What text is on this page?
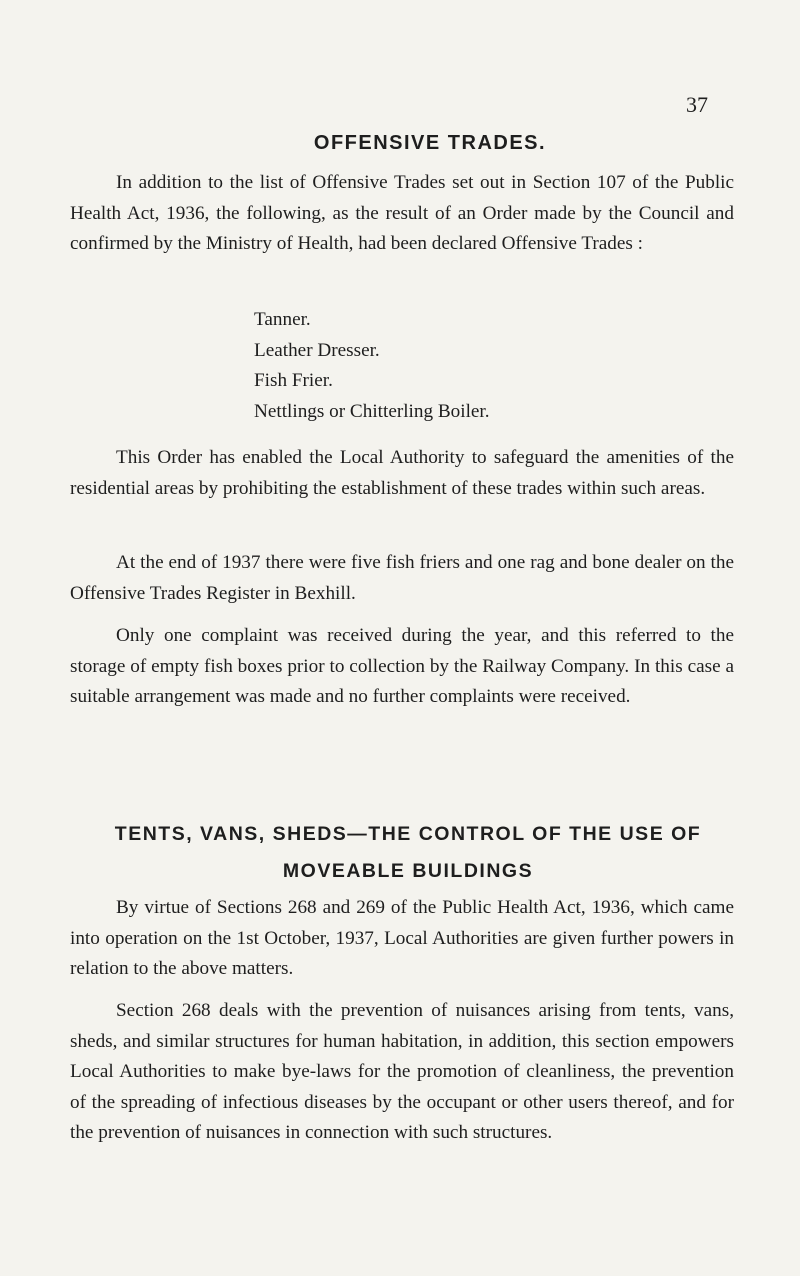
37
OFFENSIVE TRADES.

In addition to the list of Offensive Trades set out in Section 107 of the Public Health Act, 1936, the following, as the result of an Order made by the Council and confirmed by the Ministry of Health, had been declared Offensive Trades :

Tanner.
Leather Dresser.
Fish Frier.
Nettlings or Chitterling Boiler.

This Order has enabled the Local Authority to safeguard the amenities of the residential areas by prohibiting the establishment of these trades within such areas.

At the end of 1937 there were five fish friers and one rag and bone dealer on the Offensive Trades Register in Bexhill.

Only one complaint was received during the year, and this referred to the storage of empty fish boxes prior to collection by the Railway Company. In this case a suitable arrangement was made and no further complaints were received.

TENTS, VANS, SHEDS—THE CONTROL OF THE USE OF
MOVEABLE BUILDINGS

By virtue of Sections 268 and 269 of the Public Health Act, 1936, which came into operation on the 1st October, 1937, Local Authorities are given further powers in relation to the above matters.

Section 268 deals with the prevention of nuisances arising from tents, vans, sheds, and similar structures for human habitation, in addition, this section empowers Local Authorities to make bye-laws for the promotion of cleanliness, the prevention of the spreading of infectious diseases by the occupant or other users thereof, and for the prevention of nuisances in connection with such structures.
